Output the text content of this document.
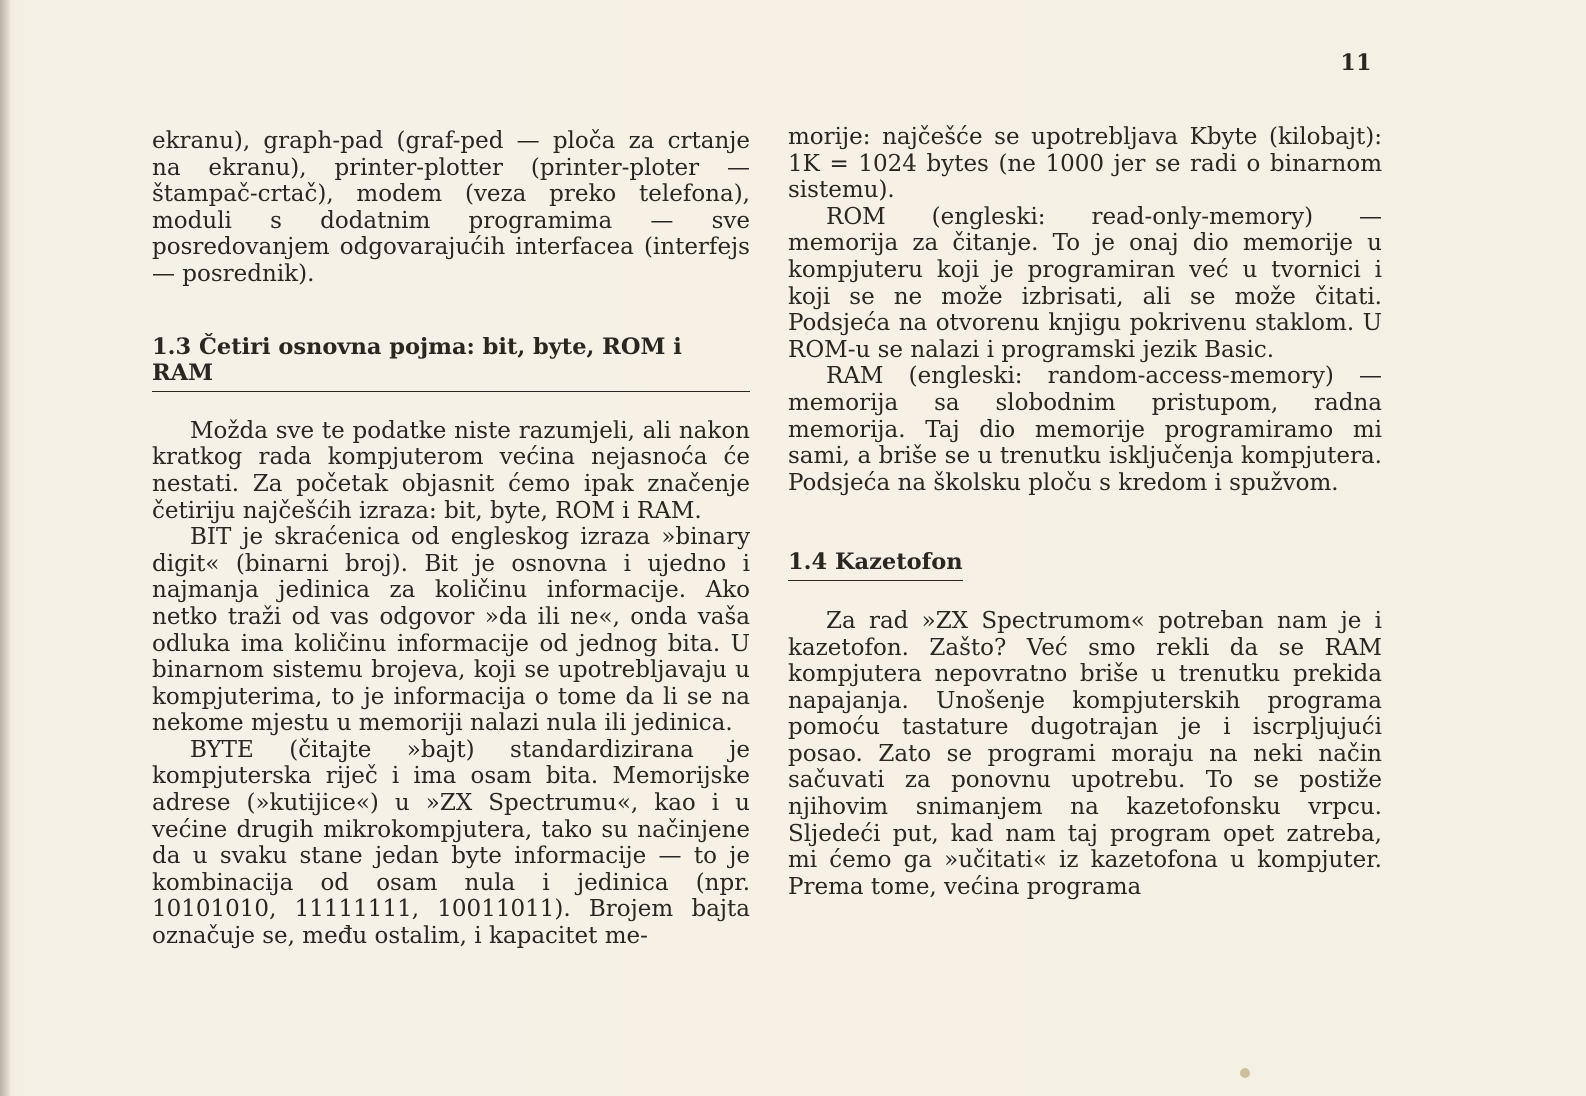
11

ekranu), graph-pad (graf-ped — ploča za crtanje na ekranu), printer-plotter (printer-ploter — štampač-crtač), modem (veza preko telefona), moduli s dodatnim programima — sve posredovanjem odgovarajućih interfacea (interfejs — posrednik).

1.3 Četiri osnovna pojma: bit, byte, ROM i RAM

Možda sve te podatke niste razumjeli, ali nakon kratkog rada kompjuterom većina nejasnoća će nestati. Za početak objasnit ćemo ipak značenje četiriju najčešćih izraza: bit, byte, ROM i RAM.

BIT je skraćenica od engleskog izraza »binary digit« (binarni broj). Bit je osnovna i ujedno i najmanja jedinica za količinu informacije. Ako netko traži od vas odgovor »da ili ne«, onda vaša odluka ima količinu informacije od jednog bita. U binarnom sistemu brojeva, koji se upotrebljavaju u kompjuterima, to je informacija o tome da li se na nekome mjestu u memoriji nalazi nula ili jedinica.

BYTE (čitajte »bajt) standardizirana je kompjuterska riječ i ima osam bita. Memorijske adrese (»kutijice«) u »ZX Spectrumu«, kao i u većine drugih mikrokompjutera, tako su načinjene da u svaku stane jedan byte informacije — to je kombinacija od osam nula i jedinica (npr. 10101010, 11111111, 10011011). Brojem bajta označuje se, među ostalim, i kapacitet me-

morije: najčešće se upotrebljava Kbyte (kilobajt): 1K = 1024 bytes (ne 1000 jer se radi o binarnom sistemu).

ROM (engleski: read-only-memory) — memorija za čitanje. To je onaj dio memorije u kompjuteru koji je programiran već u tvornici i koji se ne može izbrisati, ali se može čitati. Podsjeća na otvorenu knjigu pokrivenu staklom. U ROM-u se nalazi i programski jezik Basic.

RAM (engleski: random-access-memory) — memorija sa slobodnim pristupom, radna memorija. Taj dio memorije programiramo mi sami, a briše se u trenutku isključenja kompjutera. Podsjeća na školsku ploču s kredom i spužvom.

1.4 Kazetofon

Za rad »ZX Spectrumom« potreban nam je i kazetofon. Zašto? Već smo rekli da se RAM kompjutera nepovratno briše u trenutku prekida napajanja. Unošenje kompjuterskih programa pomoću tastature dugotrajan je i iscrpljujući posao. Zato se programi moraju na neki način sačuvati za ponovnu upotrebu. To se postiže njihovim snimanjem na kazetofonsku vrpcu. Sljedeći put, kad nam taj program opet zatreba, mi ćemo ga »učitati« iz kazetofona u kompjuter. Prema tome, većina programa
